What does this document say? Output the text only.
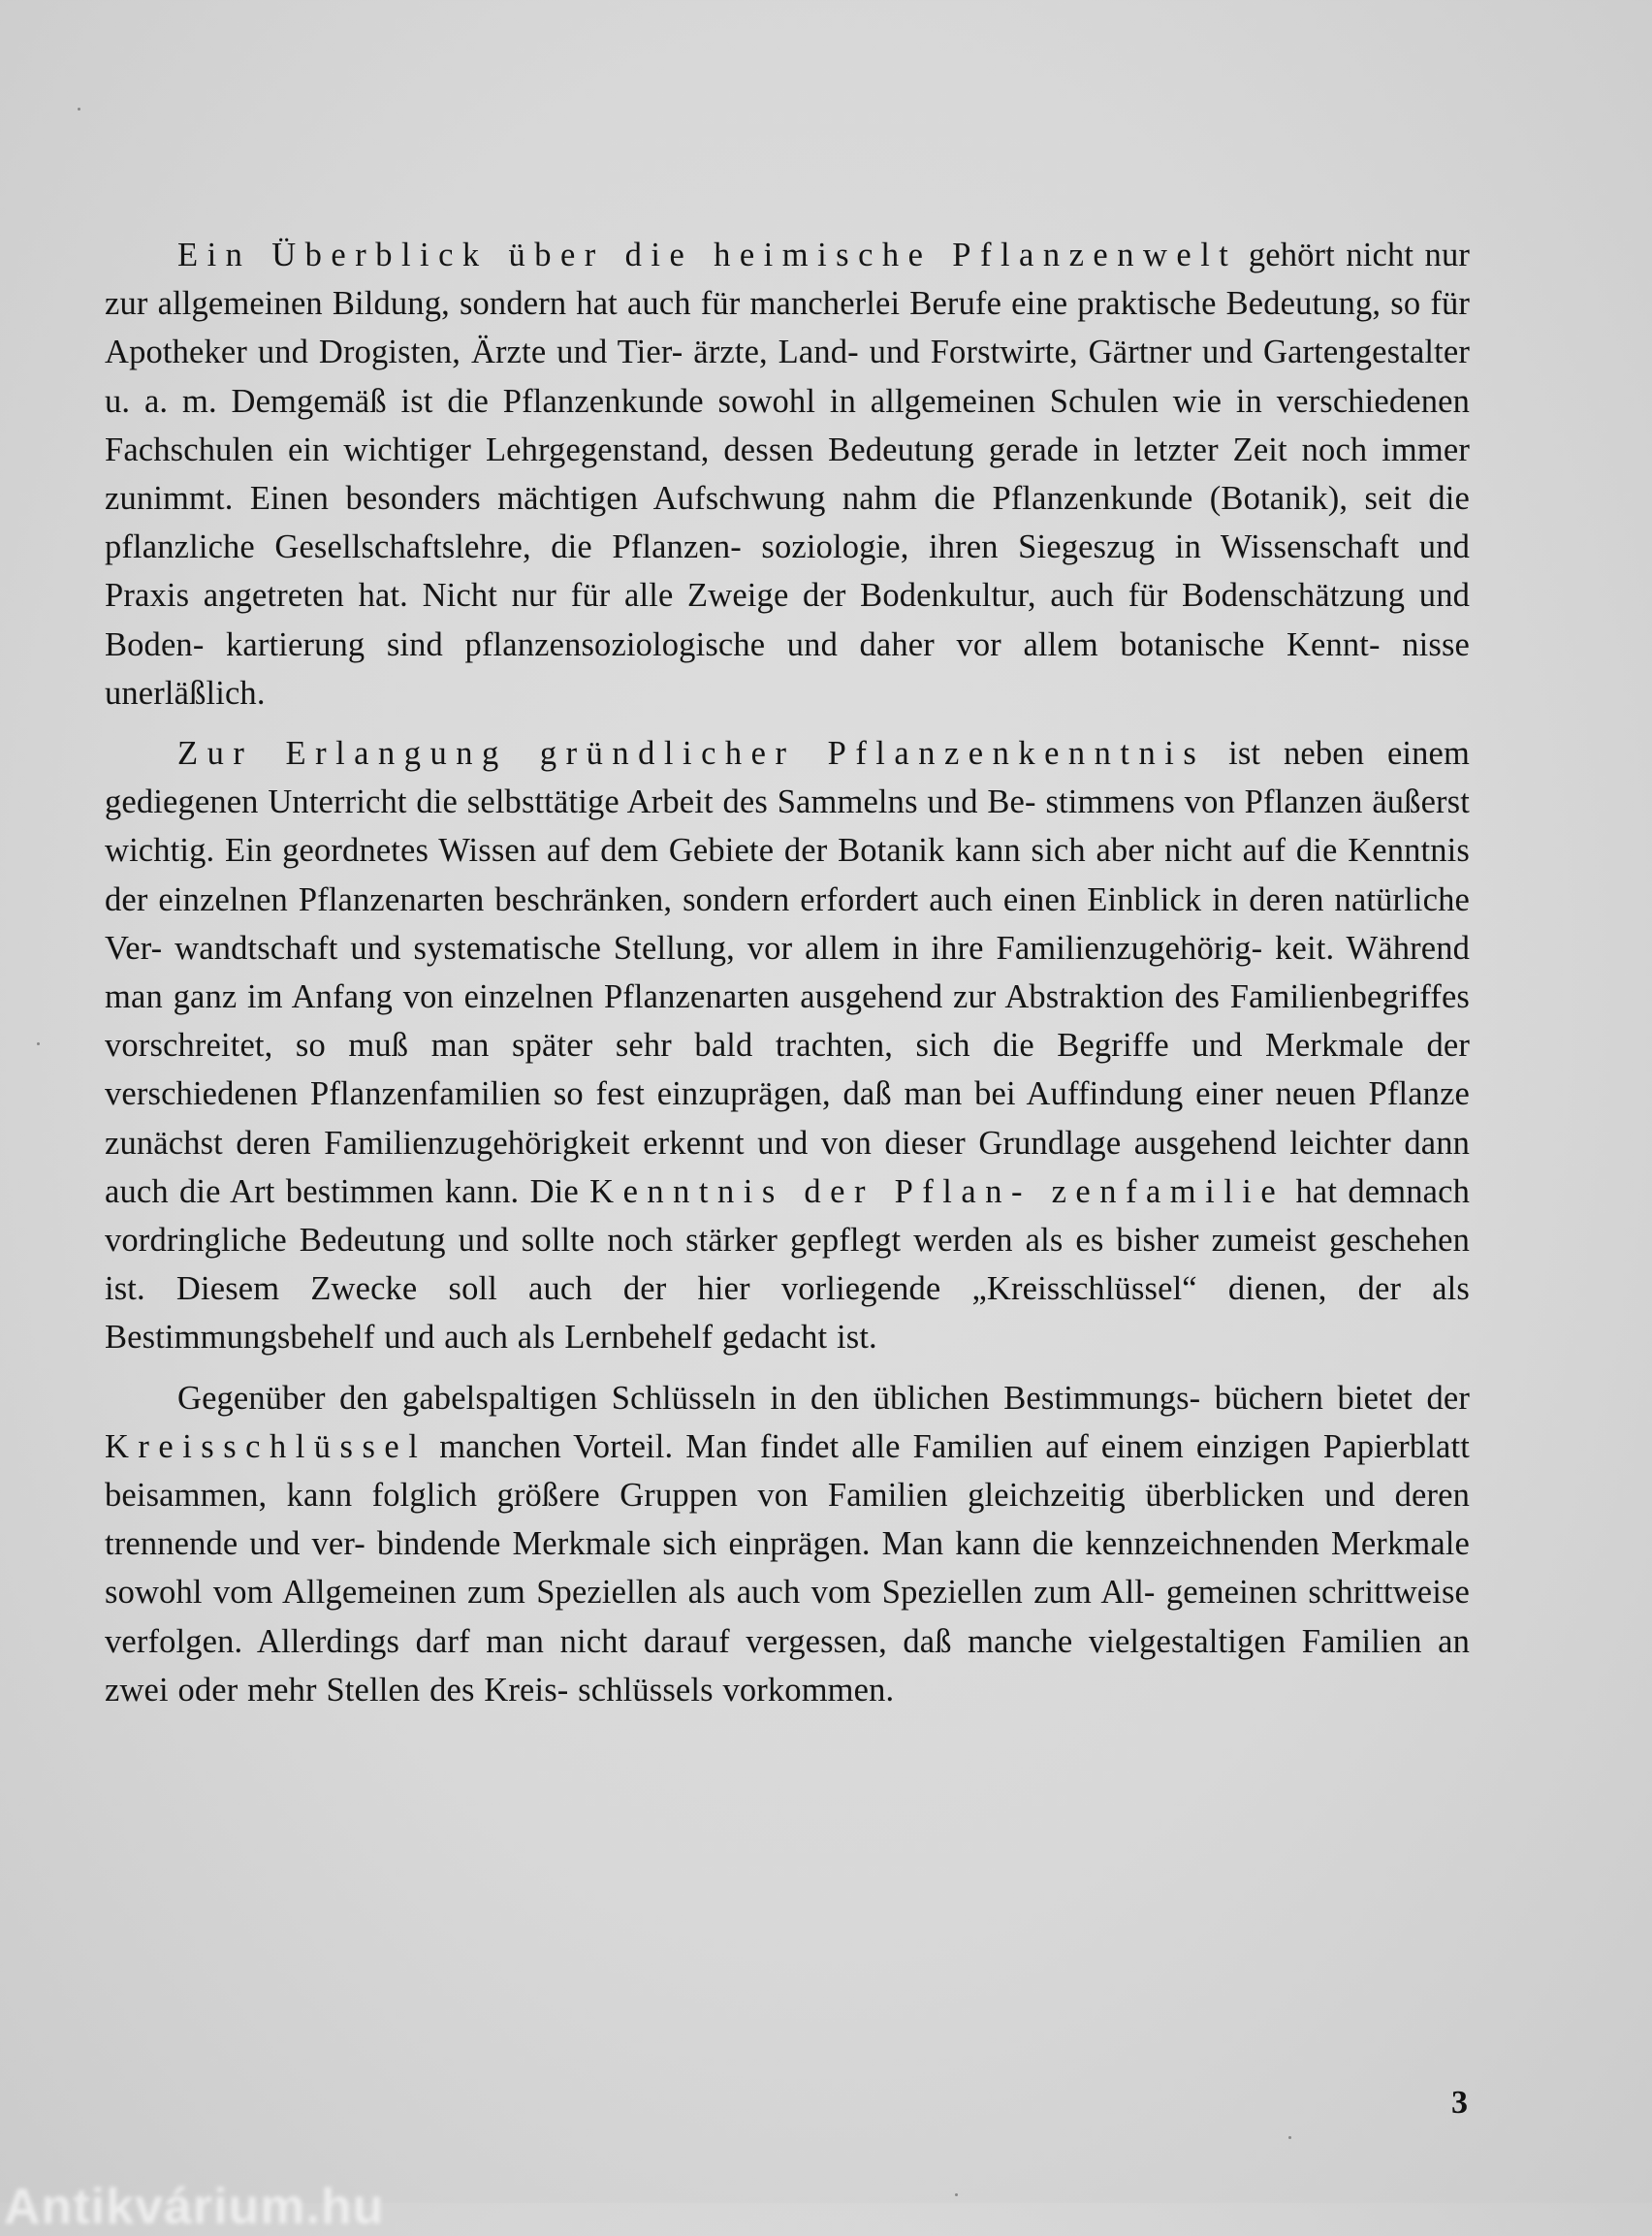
Ein Überblick über die heimische Pflanzenwelt gehört nicht nur zur allgemeinen Bildung, sondern hat auch für mancherlei Berufe eine praktische Bedeutung, so für Apotheker und Drogisten, Ärzte und Tier- ärzte, Land- und Forstwirte, Gärtner und Gartengestalter u. a. m. Demgemäß ist die Pflanzenkunde sowohl in allgemeinen Schulen wie in verschiedenen Fachschulen ein wichtiger Lehrgegenstand, dessen Bedeutung gerade in letzter Zeit noch immer zunimmt. Einen besonders mächtigen Aufschwung nahm die Pflanzenkunde (Botanik), seit die pflanzliche Gesellschaftslehre, die Pflanzen- soziologie, ihren Siegeszug in Wissenschaft und Praxis angetreten hat. Nicht nur für alle Zweige der Bodenkultur, auch für Bodenschätzung und Boden- kartierung sind pflanzensoziologische und daher vor allem botanische Kennt- nisse unerläßlich.

Zur Erlangung gründlicher Pflanzenkenntnis ist neben einem gediegenen Unterricht die selbsttätige Arbeit des Sammelns und Be- stimmens von Pflanzen äußerst wichtig. Ein geordnetes Wissen auf dem Gebiete der Botanik kann sich aber nicht auf die Kenntnis der einzelnen Pflanzenarten beschränken, sondern erfordert auch einen Einblick in deren natürliche Ver- wandtschaft und systematische Stellung, vor allem in ihre Familienzugehörig- keit. Während man ganz im Anfang von einzelnen Pflanzenarten ausgehend zur Abstraktion des Familienbegriffes vorschreitet, so muß man später sehr bald trachten, sich die Begriffe und Merkmale der verschiedenen Pflanzenfamilien so fest einzuprägen, daß man bei Auffindung einer neuen Pflanze zunächst deren Familienzugehörigkeit erkennt und von dieser Grundlage ausgehend leichter dann auch die Art bestimmen kann. Die Kenntnis der Pflan- zenfamilie hat demnach vordringliche Bedeutung und sollte noch stärker gepflegt werden als es bisher zumeist geschehen ist. Diesem Zwecke soll auch der hier vorliegende „Kreisschlüssel“ dienen, der als Bestimmungsbehelf und auch als Lernbehelf gedacht ist.

Gegenüber den gabelspaltigen Schlüsseln in den üblichen Bestimmungs- büchern bietet der Kreisschlüssel manchen Vorteil. Man findet alle Familien auf einem einzigen Papierblatt beisammen, kann folglich größere Gruppen von Familien gleichzeitig überblicken und deren trennende und ver- bindende Merkmale sich einprägen. Man kann die kennzeichnenden Merkmale sowohl vom Allgemeinen zum Speziellen als auch vom Speziellen zum All- gemeinen schrittweise verfolgen. Allerdings darf man nicht darauf vergessen, daß manche vielgestaltigen Familien an zwei oder mehr Stellen des Kreis- schlüssels vorkommen.

3
Antikvárium.hu
